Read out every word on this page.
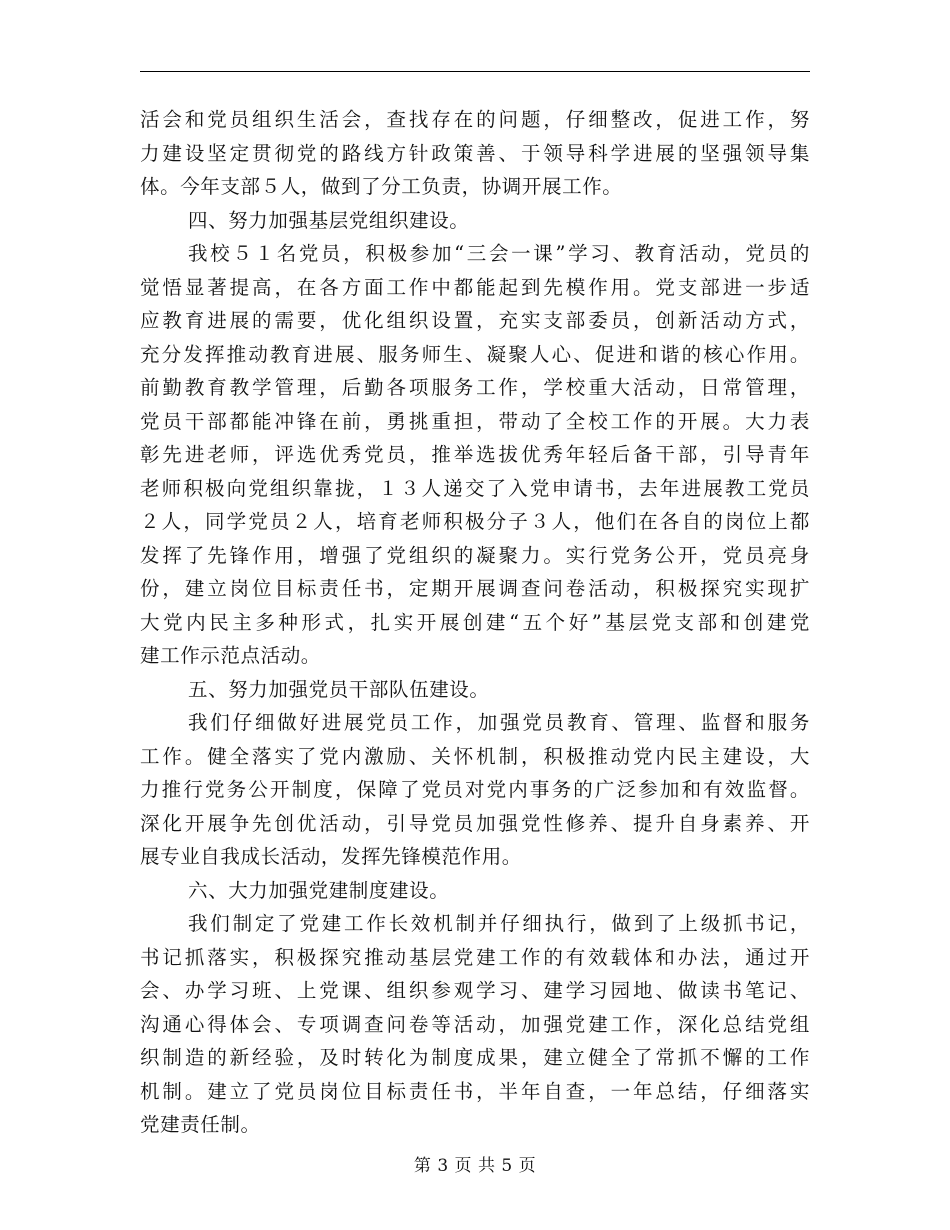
活会和党员组织生活会，查找存在的问题，仔细整改，促进工作，努
力建设坚定贯彻党的路线方针政策善、于领导科学进展的坚强领导集
体。今年支部５人，做到了分工负责，协调开展工作。
四、努力加强基层党组织建设。
我校５１名党员，积极参加“三会一课”学习、教育活动，党员的
觉悟显著提高，在各方面工作中都能起到先模作用。党支部进一步适
应教育进展的需要，优化组织设置，充实支部委员，创新活动方式，
充分发挥推动教育进展、服务师生、凝聚人心、促进和谐的核心作用。
前勤教育教学管理，后勤各项服务工作，学校重大活动，日常管理，
党员干部都能冲锋在前，勇挑重担，带动了全校工作的开展。大力表
彰先进老师，评选优秀党员，推举选拔优秀年轻后备干部，引导青年
老师积极向党组织靠拢，１３人递交了入党申请书，去年进展教工党员
２人，同学党员２人，培育老师积极分子３人，他们在各自的岗位上都
发挥了先锋作用，增强了党组织的凝聚力。实行党务公开，党员亮身
份，建立岗位目标责任书，定期开展调查问卷活动，积极探究实现扩
大党内民主多种形式，扎实开展创建“五个好”基层党支部和创建党
建工作示范点活动。
五、努力加强党员干部队伍建设。
我们仔细做好进展党员工作，加强党员教育、管理、监督和服务
工作。健全落实了党内激励、关怀机制，积极推动党内民主建设，大
力推行党务公开制度，保障了党员对党内事务的广泛参加和有效监督。
深化开展争先创优活动，引导党员加强党性修养、提升自身素养、开
展专业自我成长活动，发挥先锋模范作用。
六、大力加强党建制度建设。
我们制定了党建工作长效机制并仔细执行，做到了上级抓书记，
书记抓落实，积极探究推动基层党建工作的有效载体和办法，通过开
会、办学习班、上党课、组织参观学习、建学习园地、做读书笔记、
沟通心得体会、专项调查问卷等活动，加强党建工作，深化总结党组
织制造的新经验，及时转化为制度成果，建立健全了常抓不懈的工作
机制。建立了党员岗位目标责任书，半年自查，一年总结，仔细落实
党建责任制。
第 3 页 共 5 页
